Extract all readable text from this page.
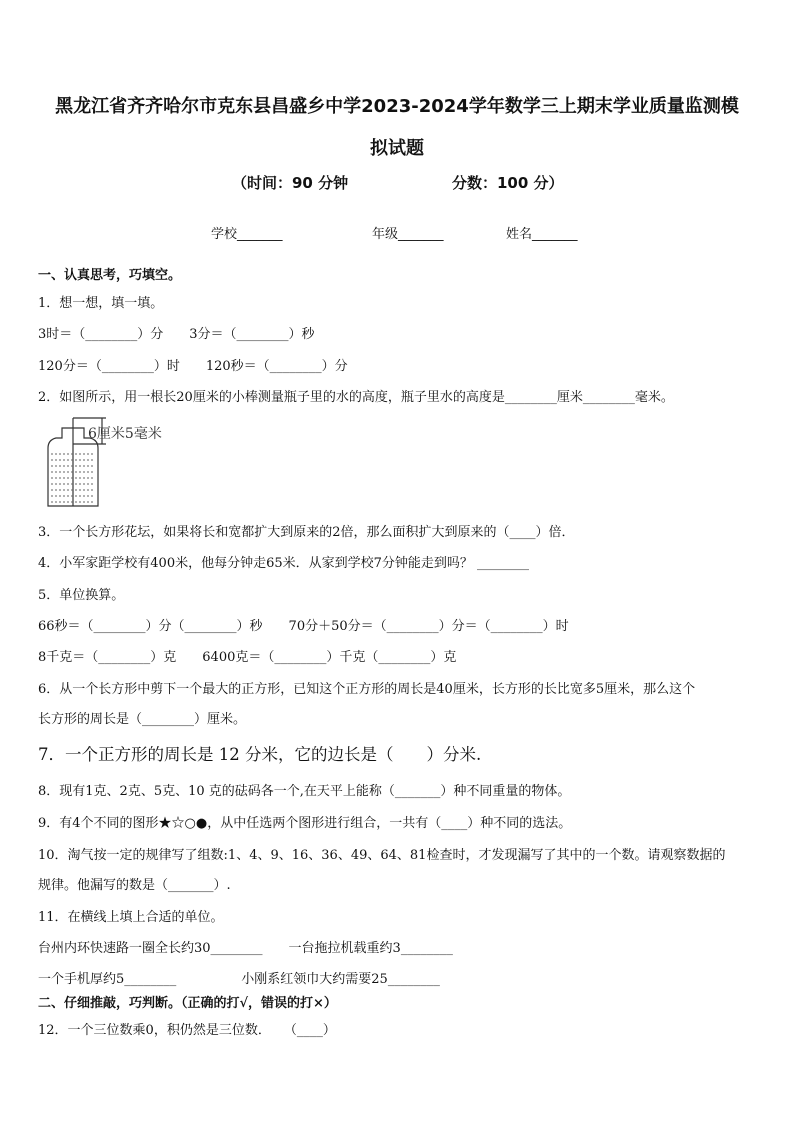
黑龙江省齐齐哈尔市克东县昌盛乡中学2023-2024学年数学三上期末学业质量监测模
拟试题
（时间：90 分钟	分数：100 分）
学校_______	年级_______	姓名_______
一、认真思考，巧填空。
1．想一想，填一填。
3时＝（________）分　　3分＝（________）秒
120分＝（________）时　　120秒＝（________）分
2．如图所示，用一根长20厘米的小棒测量瓶子里的水的高度，瓶子里水的高度是________厘米________毫米。
6厘米5毫米
3．一个长方形花坛，如果将长和宽都扩大到原来的2倍，那么面积扩大到原来的（____）倍．
4．小军家距学校有400米，他每分钟走65米．从家到学校7分钟能走到吗？ ________
5．单位换算。
66秒＝（________）分（________）秒　　70分＋50分＝（________）分＝（________）时
8千克＝（________）克　　6400克＝（________）千克（________）克
6．从一个长方形中剪下一个最大的正方形，已知这个正方形的周长是40厘米，长方形的长比宽多5厘米，那么这个
长方形的周长是（________）厘米。
7．一个正方形的周长是 12 分米，它的边长是（　　）分米.
8．现有1克、2克、5克、10 克的砝码各一个,在天平上能称（_______）种不同重量的物体。
9．有4个不同的图形★☆○●，从中任选两个图形进行组合，一共有（____）种不同的选法。
10．淘气按一定的规律写了组数:1、4、9、16、36、49、64、81检查时，才发现漏写了其中的一个数。请观察数据的
规律。他漏写的数是（_______）.
11．在横线上填上合适的单位。
台州内环快速路一圈全长约30________　　一台拖拉机载重约3________
一个手机厚约5________　　　　　小刚系红领巾大约需要25________
二、仔细推敲，巧判断。（正确的打√，错误的打×）
12．一个三位数乘0，积仍然是三位数．　　（____）
